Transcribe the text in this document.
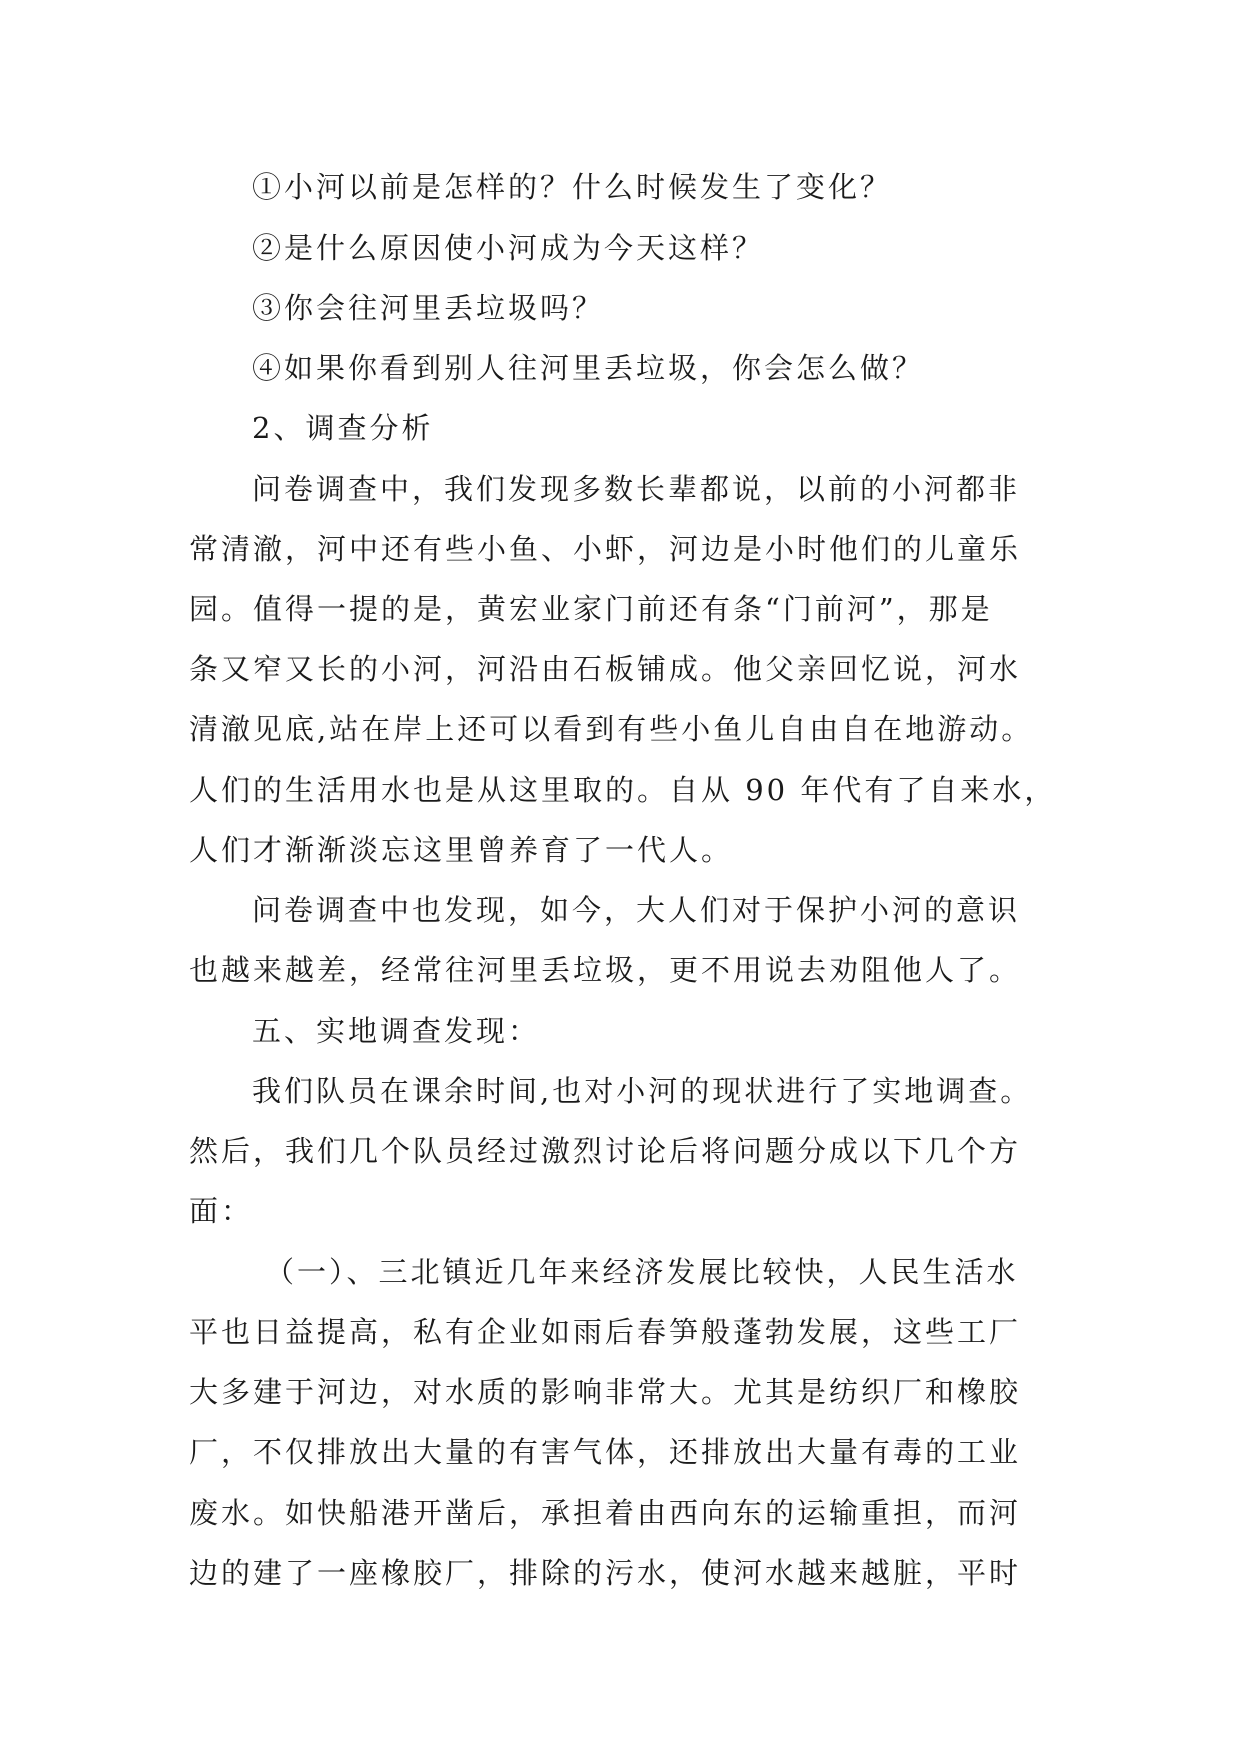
①小河以前是怎样的？什么时候发生了变化？
②是什么原因使小河成为今天这样？
③你会往河里丢垃圾吗？
④如果你看到别人往河里丢垃圾，你会怎么做？
2、调查分析
问卷调查中，我们发现多数长辈都说，以前的小河都非
常清澈，河中还有些小鱼、小虾，河边是小时他们的儿童乐
园。值得一提的是，黄宏业家门前还有条“门前河”，那是
条又窄又长的小河，河沿由石板铺成。他父亲回忆说，河水
清澈见底,站在岸上还可以看到有些小鱼儿自由自在地游动。
人们的生活用水也是从这里取的。自从 90 年代有了自来水，
人们才渐渐淡忘这里曾养育了一代人。
问卷调查中也发现，如今，大人们对于保护小河的意识
也越来越差，经常往河里丢垃圾，更不用说去劝阻他人了。
五、实地调查发现：
我们队员在课余时间,也对小河的现状进行了实地调查。
然后，我们几个队员经过激烈讨论后将问题分成以下几个方
面：
（一）、三北镇近几年来经济发展比较快，人民生活水
平也日益提高，私有企业如雨后春笋般蓬勃发展，这些工厂
大多建于河边，对水质的影响非常大。尤其是纺织厂和橡胶
厂，不仅排放出大量的有害气体，还排放出大量有毒的工业
废水。如快船港开凿后，承担着由西向东的运输重担，而河
边的建了一座橡胶厂，排除的污水，使河水越来越脏，平时
